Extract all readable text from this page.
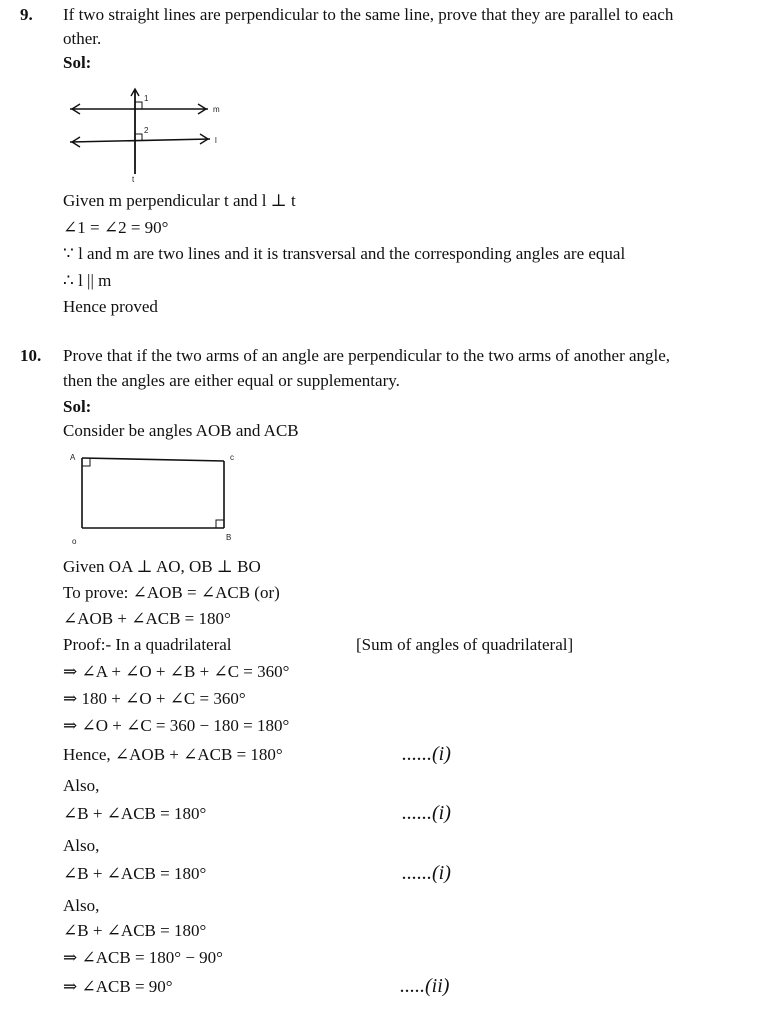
9. If two straight lines are perpendicular to the same line, prove that they are parallel to each
other.
Sol:
1
2
m
l
t
Given m perpendicular t and l ⊥ t
∠1 = ∠2 = 90°
∵ l and m are two lines and it is transversal and the corresponding angles are equal
∴ l || m
Hence proved
10. Prove that if the two arms of an angle are perpendicular to the two arms of another angle,
then the angles are either equal or supplementary.
Sol:
Consider be angles AOB and ACB
A	c
o	B
Given OA ⊥ AO, OB ⊥ BO
To prove: ∠AOB = ∠ACB (or)
∠AOB + ∠ACB = 180°
Proof:- In a quadrilateral	[Sum of angles of quadrilateral]
⇒ ∠A + ∠O + ∠B + ∠C = 360°
⇒ 180 + ∠O + ∠C = 360°
⇒ ∠O + ∠C = 360 − 180 = 180°
Hence, ∠AOB + ∠ACB = 180°	......(i)
Also,
∠B + ∠ACB = 180°	......(i)
Also,
∠B + ∠ACB = 180°	......(i)
Also,
∠B + ∠ACB = 180°
⇒ ∠ACB = 180° − 90°
⇒ ∠ACB = 90°	.....(ii)
